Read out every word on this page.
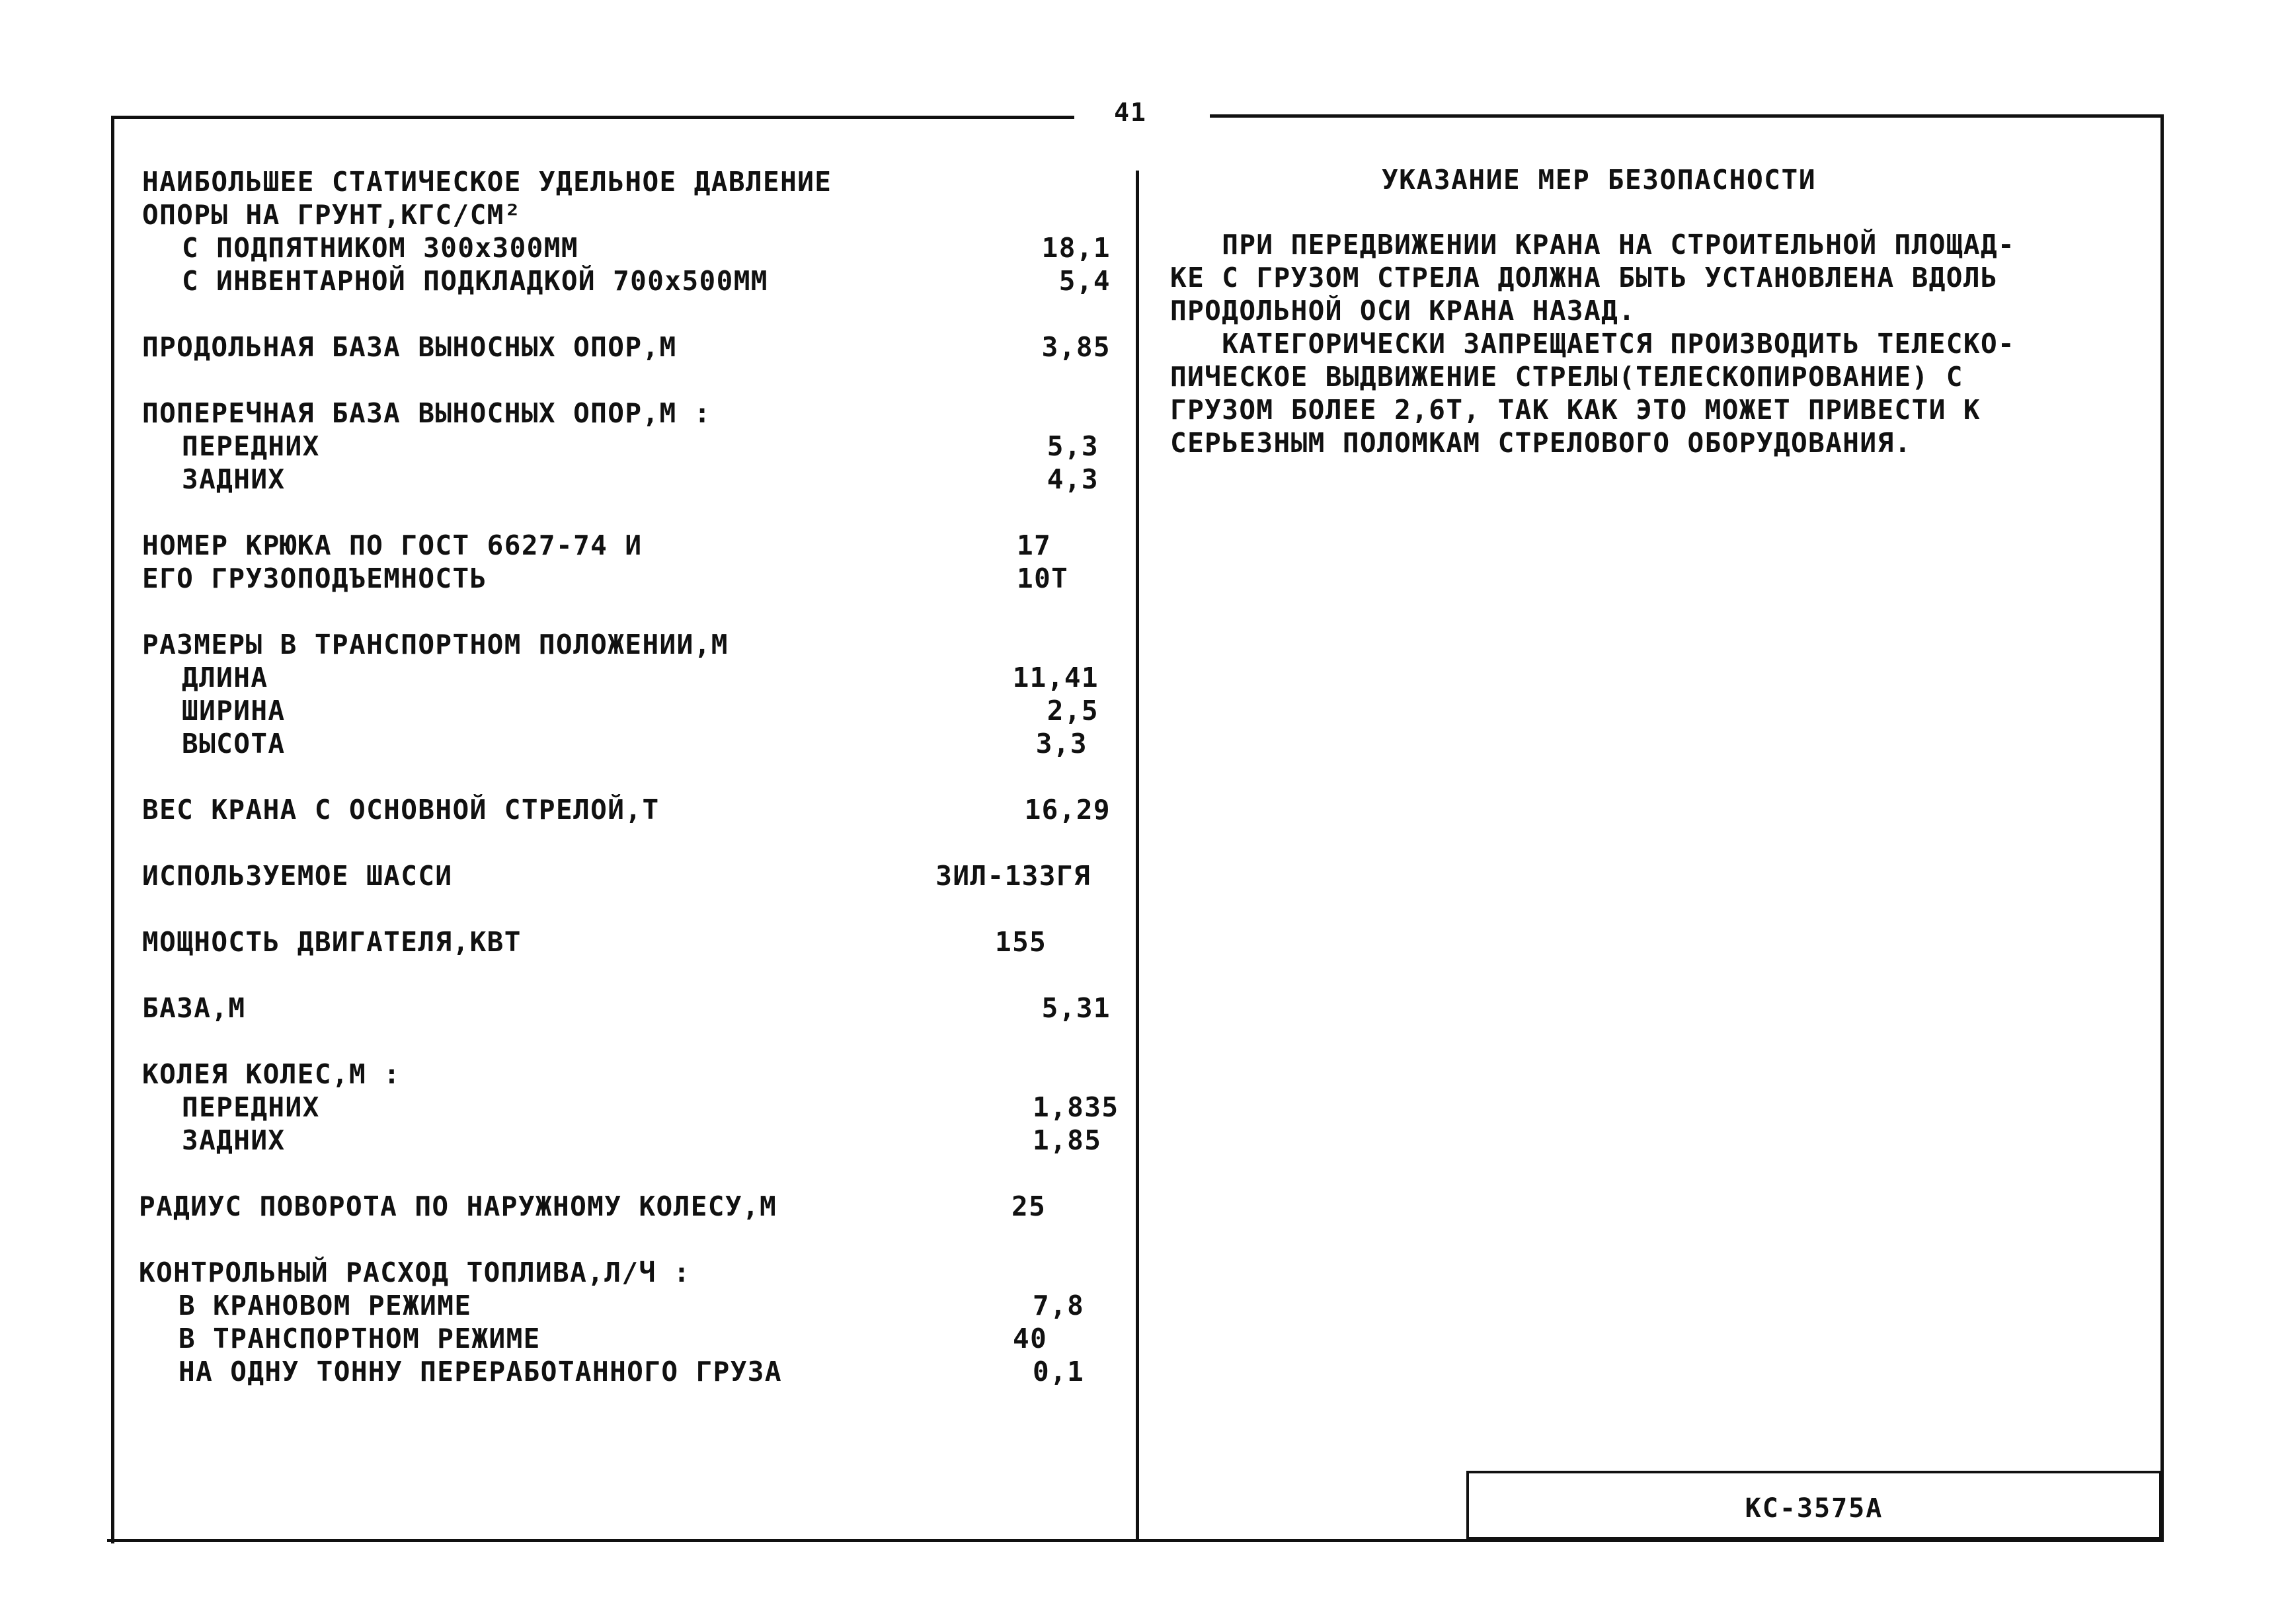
41
НАИБОЛЬШЕЕ СТАТИЧЕСКОЕ УДЕЛЬНОЕ ДАВЛЕНИЕ
ОПОРЫ НА ГРУНТ,КГС/СМ²
С ПОДПЯТНИКОМ 300х300ММ	18,1
С ИНВЕНТАРНОЙ ПОДКЛАДКОЙ 700х500ММ	5,4
ПРОДОЛЬНАЯ БАЗА ВЫНОСНЫХ ОПОР,М	3,85
ПОПЕРЕЧНАЯ БАЗА ВЫНОСНЫХ ОПОР,М :
ПЕРЕДНИХ	5,3
ЗАДНИХ	4,3
НОМЕР КРЮКА ПО ГОСТ 6627-74 И	17
ЕГО ГРУЗОПОДЪЕМНОСТЬ	10Т
РАЗМЕРЫ В ТРАНСПОРТНОМ ПОЛОЖЕНИИ,М
ДЛИНА	11,41
ШИРИНА	2,5
ВЫСОТА	3,3
ВЕС КРАНА С ОСНОВНОЙ СТРЕЛОЙ,Т	16,29
ИСПОЛЬЗУЕМОЕ ШАССИ	ЗИЛ-133ГЯ
МОЩНОСТЬ ДВИГАТЕЛЯ,КВТ	155
БАЗА,М	5,31
КОЛЕЯ КОЛЕС,М :
ПЕРЕДНИХ	1,835
ЗАДНИХ	1,85
РАДИУС ПОВОРОТА ПО НАРУЖНОМУ КОЛЕСУ,М	25
КОНТРОЛЬНЫЙ РАСХОД ТОПЛИВА,Л/Ч :
В КРАНОВОМ РЕЖИМЕ	7,8
В ТРАНСПОРТНОМ РЕЖИМЕ	40
НА ОДНУ ТОННУ ПЕРЕРАБОТАННОГО ГРУЗА	0,1
УКАЗАНИЕ МЕР БЕЗОПАСНОСТИ
ПРИ ПЕРЕДВИЖЕНИИ КРАНА НА СТРОИТЕЛЬНОЙ ПЛОЩАД-
КЕ С ГРУЗОМ СТРЕЛА ДОЛЖНА БЫТЬ УСТАНОВЛЕНА ВДОЛЬ
ПРОДОЛЬНОЙ ОСИ КРАНА НАЗАД.
КАТЕГОРИЧЕСКИ ЗАПРЕЩАЕТСЯ ПРОИЗВОДИТЬ ТЕЛЕСКО-
ПИЧЕСКОЕ ВЫДВИЖЕНИЕ СТРЕЛЫ(ТЕЛЕСКОПИРОВАНИЕ) С
ГРУЗОМ БОЛЕЕ 2,6Т, ТАК КАК ЭТО МОЖЕТ ПРИВЕСТИ К
СЕРЬЕЗНЫМ ПОЛОМКАМ СТРЕЛОВОГО ОБОРУДОВАНИЯ.
КС-3575А
